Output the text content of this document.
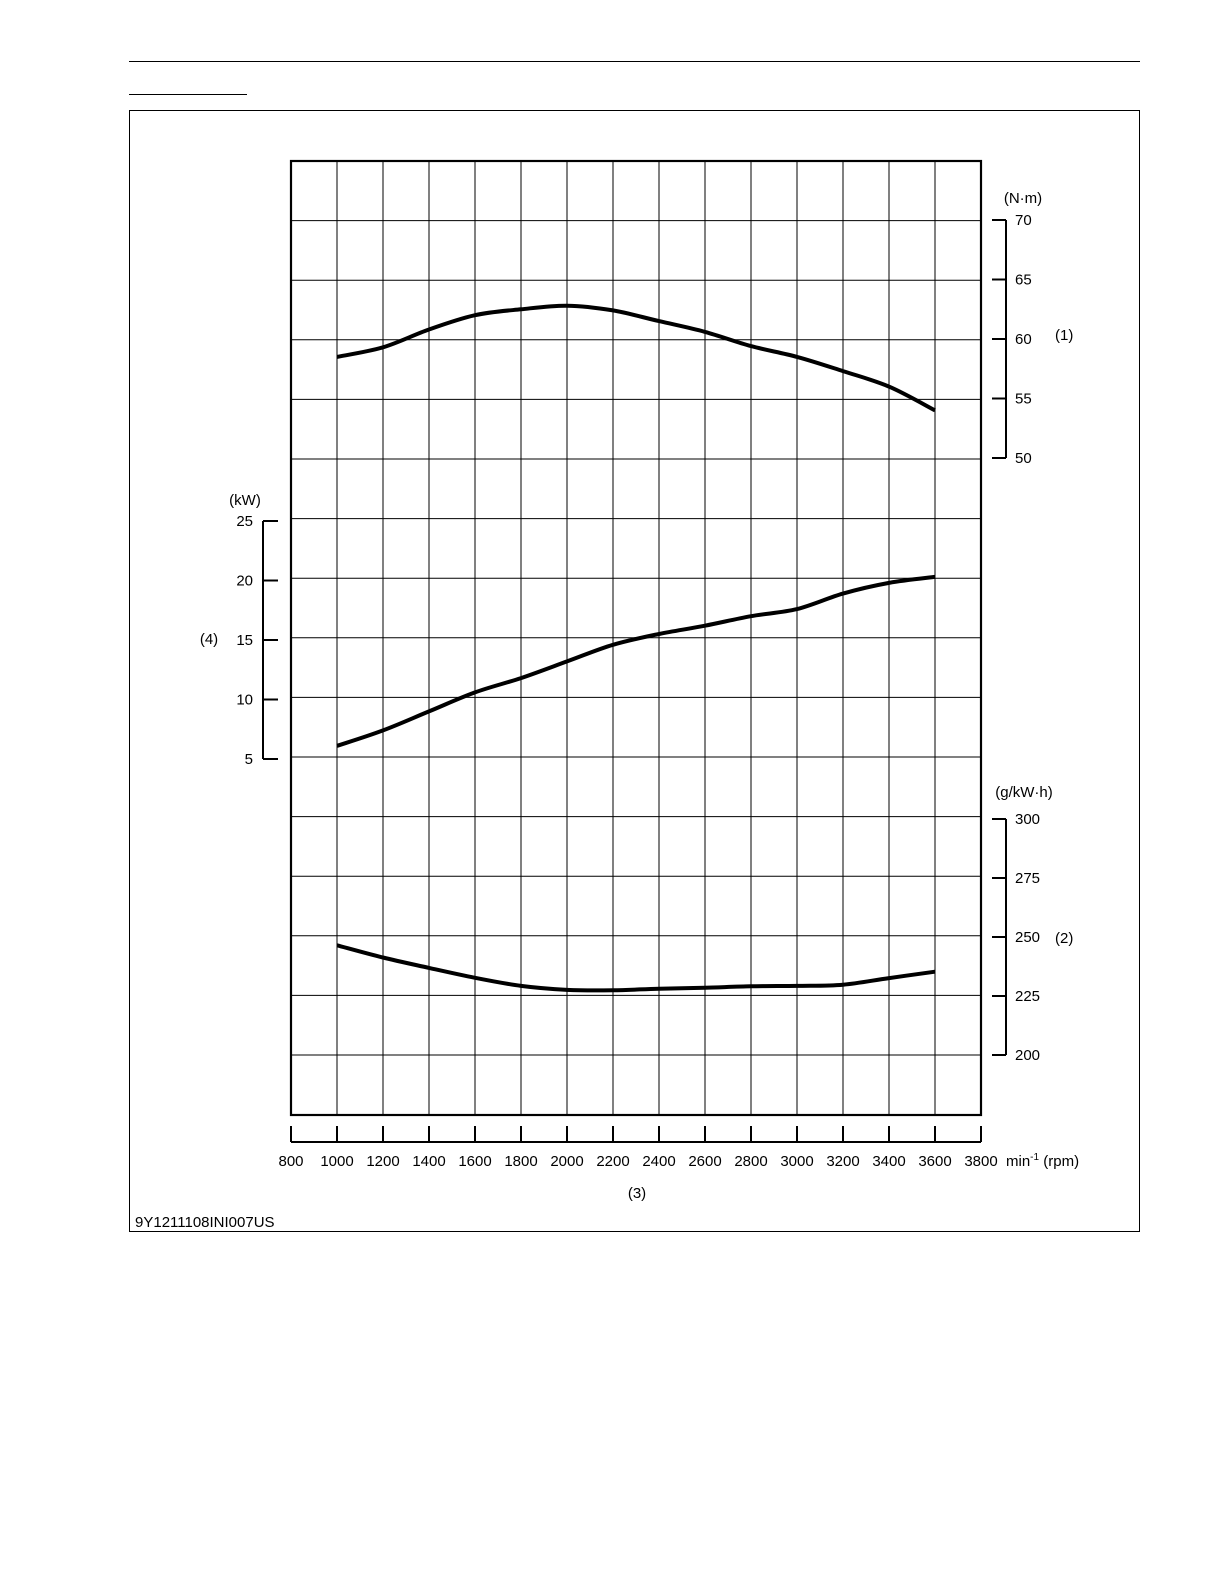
800 1000 1200 1400 1600 1800 2000 2200 2400 2600 2800 3000 3200 3400 3600 3800 $\min^{-1} (rpm)$
(3)
50
55
60
65
70
(N·m)
(1)
5
10
15
20
25
(kW)
(4)
200
225
250
275
300
(g/kW·h)
(2)
9Y1211108INI007US
